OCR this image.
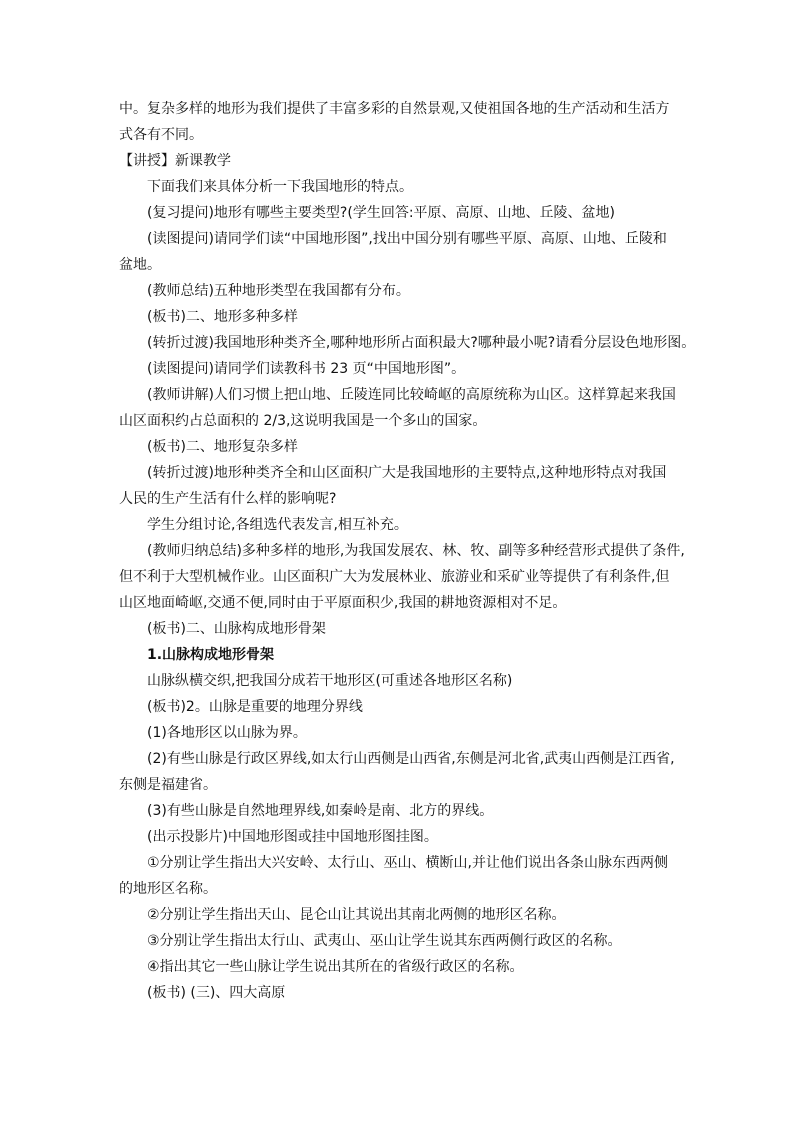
中。复杂多样的地形为我们提供了丰富多彩的自然景观,又使祖国各地的生产活动和生活方
式各有不同。
【讲授】新课教学
下面我们来具体分析一下我国地形的特点。
(复习提问)地形有哪些主要类型?(学生回答:平原、高原、山地、丘陵、盆地)
(读图提问)请同学们读“中国地形图”,找出中国分别有哪些平原、高原、山地、丘陵和
盆地。
(教师总结)五种地形类型在我国都有分布。
(板书)二、地形多种多样
(转折过渡)我国地形种类齐全,哪种地形所占面积最大?哪种最小呢?请看分层设色地形图。
(读图提问)请同学们读教科书 23 页“中国地形图”。
(教师讲解)人们习惯上把山地、丘陵连同比较崎岖的高原统称为山区。这样算起来我国
山区面积约占总面积的 2/3,这说明我国是一个多山的国家。
(板书)二、地形复杂多样
(转折过渡)地形种类齐全和山区面积广大是我国地形的主要特点,这种地形特点对我国
人民的生产生活有什么样的影响呢?
学生分组讨论,各组选代表发言,相互补充。
(教师归纳总结)多种多样的地形,为我国发展农、林、牧、副等多种经营形式提供了条件,
但不利于大型机械作业。山区面积广大为发展林业、旅游业和采矿业等提供了有利条件,但
山区地面崎岖,交通不便,同时由于平原面积少,我国的耕地资源相对不足。
(板书)二、山脉构成地形骨架
1.山脉构成地形骨架
山脉纵横交织,把我国分成若干地形区(可重述各地形区名称)
(板书)2。山脉是重要的地理分界线
(1)各地形区以山脉为界。
(2)有些山脉是行政区界线,如太行山西侧是山西省,东侧是河北省,武夷山西侧是江西省,
东侧是福建省。
(3)有些山脉是自然地理界线,如秦岭是南、北方的界线。
(出示投影片)中国地形图或挂中国地形图挂图。
①分别让学生指出大兴安岭、太行山、巫山、横断山,并让他们说出各条山脉东西两侧
的地形区名称。
②分别让学生指出天山、昆仑山让其说出其南北两侧的地形区名称。
③分别让学生指出太行山、武夷山、巫山让学生说其东西两侧行政区的名称。
④指出其它一些山脉让学生说出其所在的省级行政区的名称。
(板书) (三)、四大高原
